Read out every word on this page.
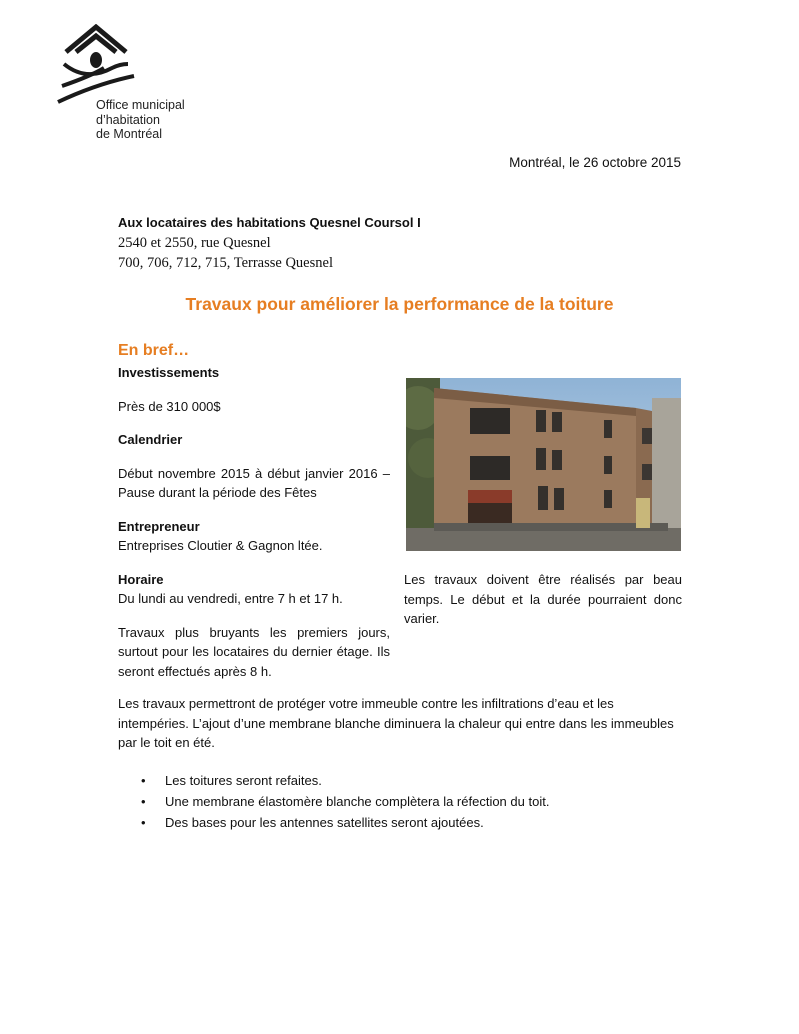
Office municipal
d’habitation
de Montréal
Montréal, le 26 octobre 2015
Aux locataires des habitations Quesnel Coursol I
2540 et 2550, rue Quesnel
700, 706, 712, 715, Terrasse Quesnel
Travaux pour améliorer la performance de la toiture
En bref…
Investissements
Près de 310 000$
Calendrier
Début novembre 2015 à début janvier 2016 – Pause durant la période des Fêtes
Entrepreneur
Entreprises Cloutier & Gagnon ltée.
Horaire
Du lundi au vendredi, entre 7 h et 17 h.
Travaux plus bruyants les premiers jours, surtout pour les locataires du dernier étage. Ils seront effectués après 8 h.
Les travaux doivent être réalisés par beau temps. Le début et la durée pourraient donc varier.
Les travaux permettront de protéger votre immeuble contre les infiltrations d’eau et les intempéries. L’ajout d’une membrane blanche diminuera la chaleur qui entre dans les immeubles par le toit en été.
• Les toitures seront refaites.
• Une membrane élastomère blanche complètera la réfection du toit.
• Des bases pour les antennes satellites seront ajoutées.
